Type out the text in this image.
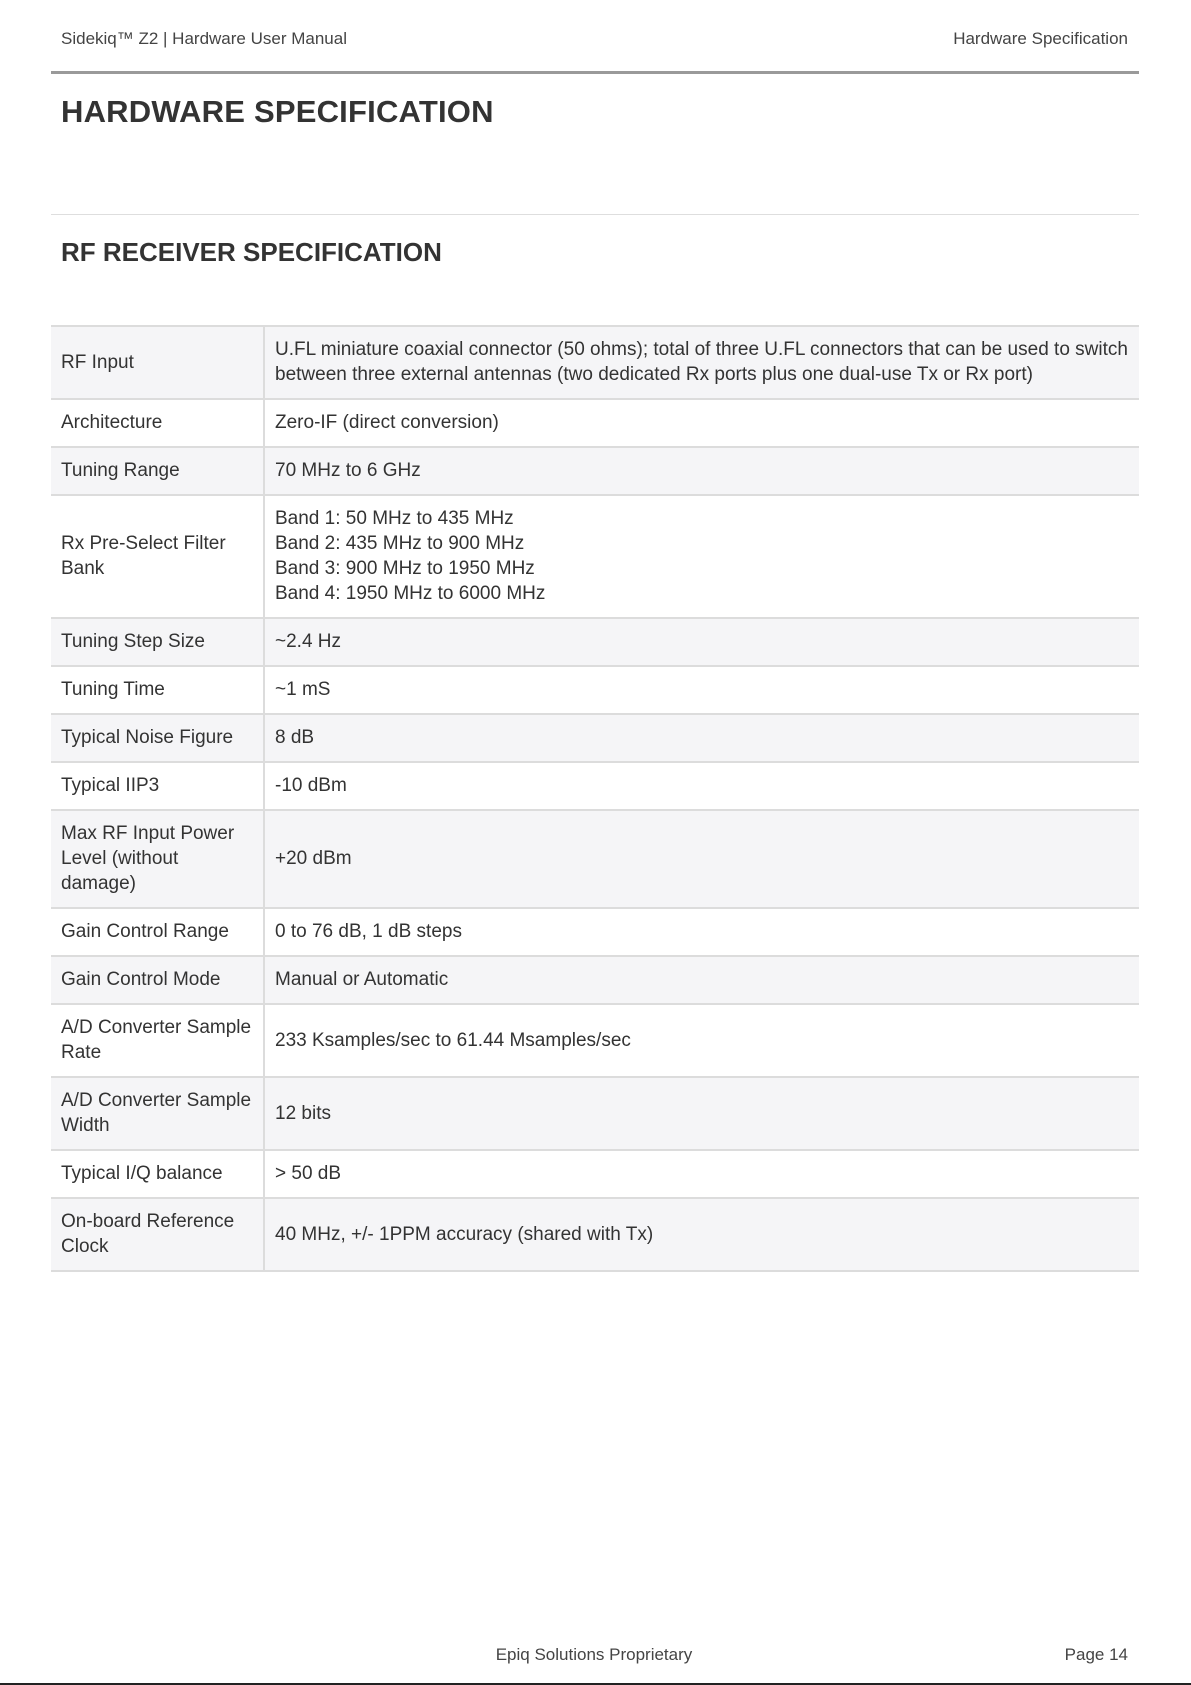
Sidekiq™ Z2 | Hardware User Manual	Hardware Specification
HARDWARE SPECIFICATION
RF RECEIVER SPECIFICATION
RF Input	U.FL miniature coaxial connector (50 ohms); total of three U.FL connectors that can be used to switch between three external antennas (two dedicated Rx ports plus one dual-use Tx or Rx port)
Architecture	Zero-IF (direct conversion)
Tuning Range	70 MHz to 6 GHz
Rx Pre-Select Filter Bank	Band 1: 50 MHz to 435 MHz
Band 2: 435 MHz to 900 MHz
Band 3: 900 MHz to 1950 MHz
Band 4: 1950 MHz to 6000 MHz

Tuning Step Size	~2.4 Hz
Tuning Time	~1 mS
Typical Noise Figure	8 dB
Typical IIP3	-10 dBm
Max RF Input Power Level (without damage)	+20 dBm
Gain Control Range	0 to 76 dB, 1 dB steps
Gain Control Mode	Manual or Automatic
A/D Converter Sample Rate	233 Ksamples/sec to 61.44 Msamples/sec
A/D Converter Sample Width	12 bits
Typical I/Q balance	> 50 dB
On-board Reference Clock	40 MHz, +/- 1PPM accuracy (shared with Tx)
Epiq Solutions Proprietary	Page 14
